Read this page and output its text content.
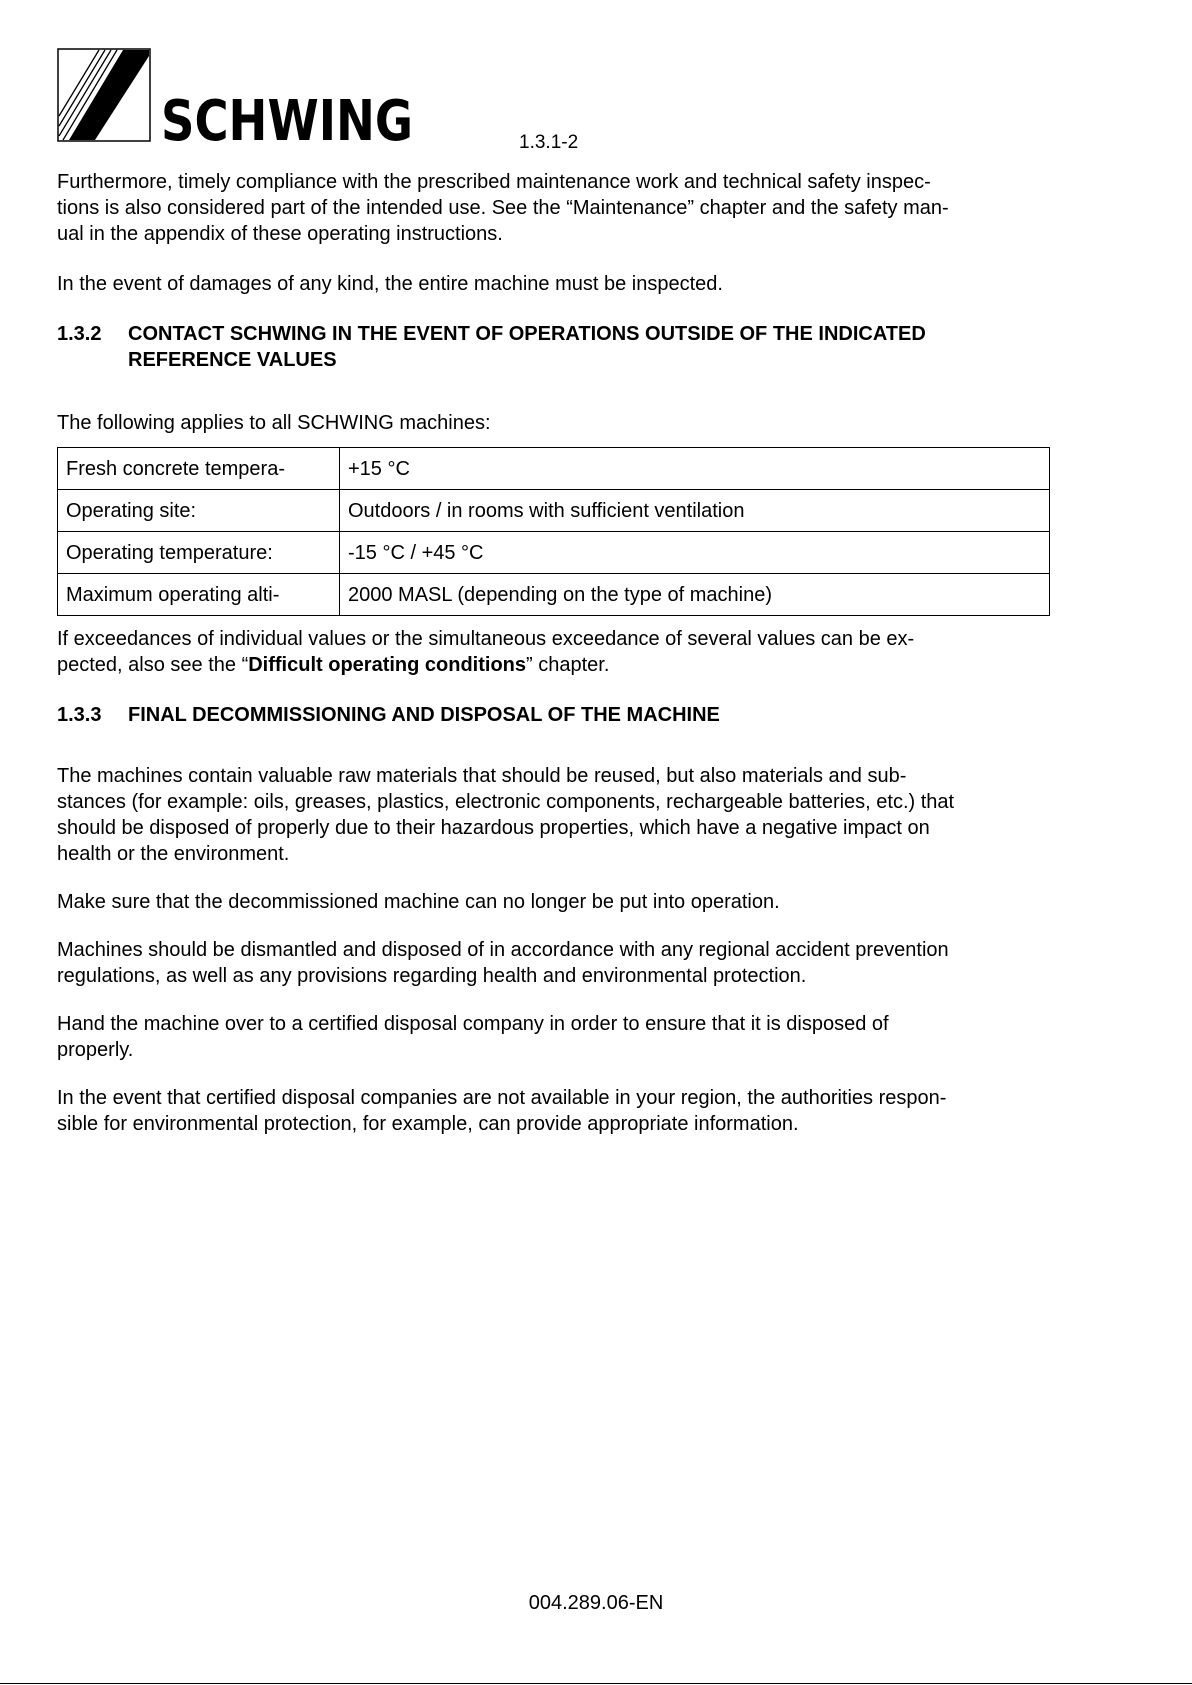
SCHWING	1.3.1-2

Furthermore, timely compliance with the prescribed maintenance work and technical safety inspec-
tions is also considered part of the intended use. See the “Maintenance” chapter and the safety man-
ual in the appendix of these operating instructions.

In the event of damages of any kind, the entire machine must be inspected.

1.3.2	CONTACT SCHWING IN THE EVENT OF OPERATIONS OUTSIDE OF THE INDICATED
REFERENCE VALUES

The following applies to all SCHWING machines:

Fresh concrete tempera-	+15 °C
Operating site:	Outdoors / in rooms with sufficient ventilation
Operating temperature:	-15 °C / +45 °C
Maximum operating alti-	2000 MASL (depending on the type of machine)

If exceedances of individual values or the simultaneous exceedance of several values can be ex-
pected, also see the “Difficult operating conditions” chapter.

1.3.3	FINAL DECOMMISSIONING AND DISPOSAL OF THE MACHINE

The machines contain valuable raw materials that should be reused, but also materials and sub-
stances (for example: oils, greases, plastics, electronic components, rechargeable batteries, etc.) that
should be disposed of properly due to their hazardous properties, which have a negative impact on
health or the environment.

Make sure that the decommissioned machine can no longer be put into operation.

Machines should be dismantled and disposed of in accordance with any regional accident prevention
regulations, as well as any provisions regarding health and environmental protection.

Hand the machine over to a certified disposal company in order to ensure that it is disposed of
properly.

In the event that certified disposal companies are not available in your region, the authorities respon-
sible for environmental protection, for example, can provide appropriate information.

004.289.06-EN
